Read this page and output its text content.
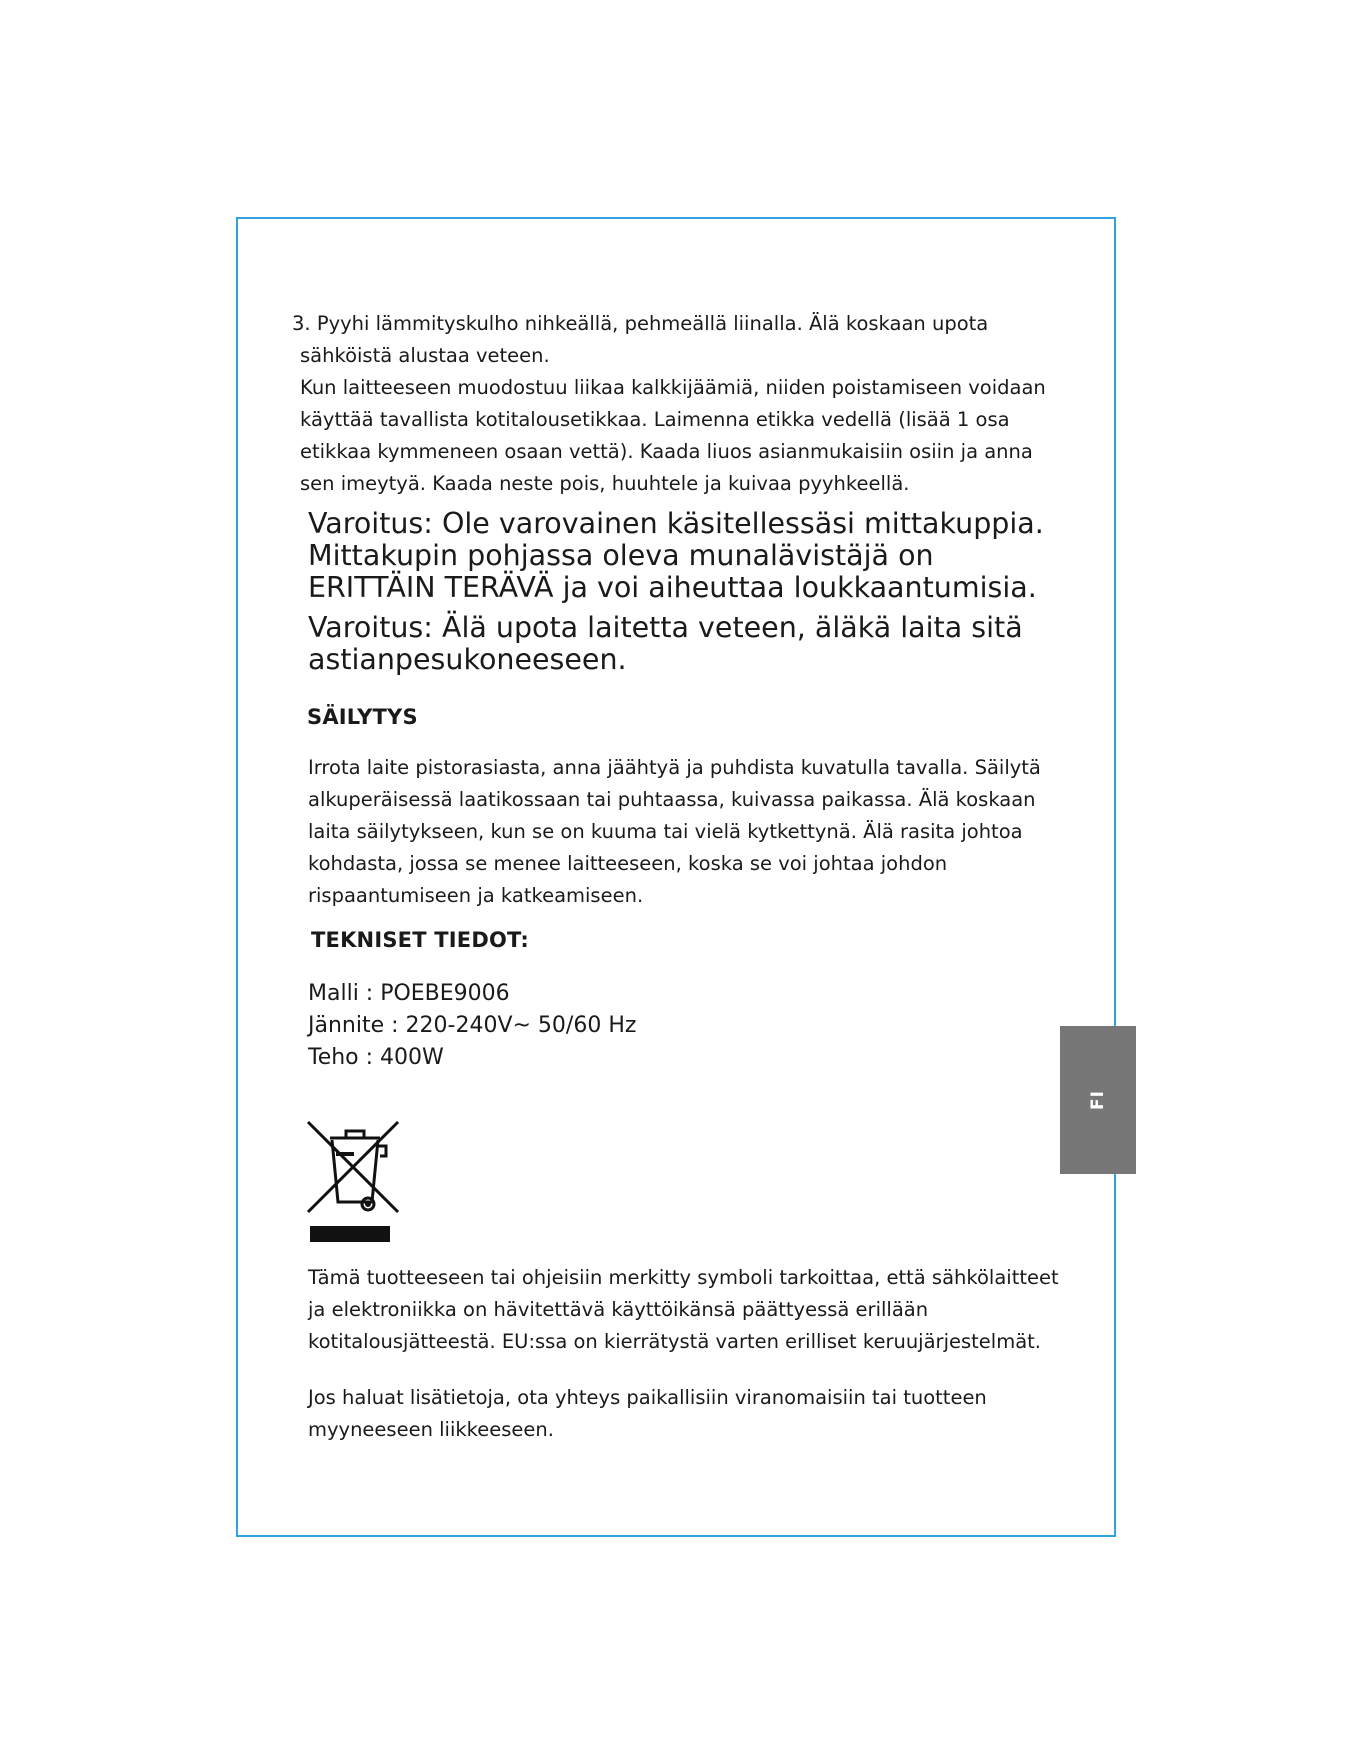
3. Pyyhi lämmityskulho nihkeällä, pehmeällä liinalla. Älä koskaan upota sähköistä alustaa veteen.

Kun laitteeseen muodostuu liikaa kalkkijäämiä, niiden poistamiseen voidaan käyttää tavallista kotitalousetikkaa. Laimenna etikka vedellä (lisää 1 osa etikkaa kymmeneen osaan vettä). Kaada liuos asianmukaisiin osiin ja anna sen imeytyä. Kaada neste pois, huuhtele ja kuivaa pyyhkeellä.

Varoitus: Ole varovainen käsitellessäsi mittakuppia. Mittakupin pohjassa oleva munalävistäjä on ERITTÄIN TERÄVÄ ja voi aiheuttaa loukkaantumisia.

Varoitus: Älä upota laitetta veteen, äläkä laita sitä astianpesukoneeseen.

SÄILYTYS

Irrota laite pistorasiasta, anna jäähtyä ja puhdista kuvatulla tavalla. Säilytä alkuperäisessä laatikossaan tai puhtaassa, kuivassa paikassa. Älä koskaan laita säilytykseen, kun se on kuuma tai vielä kytkettynä. Älä rasita johtoa kohdasta, jossa se menee laitteeseen, koska se voi johtaa johdon rispaantumiseen ja katkeamiseen.

TEKNISET TIEDOT:

Malli : POEBE9006

Jännite : 220-240V~ 50/60 Hz

Teho : 400W

Tämä tuotteeseen tai ohjeisiin merkitty symboli tarkoittaa, että sähkölaitteet ja elektroniikka on hävitettävä käyttöikänsä päättyessä erillään kotitalousjätteestä. EU:ssa on kierrätystä varten erilliset keruujärjestelmät.

Jos haluat lisätietoja, ota yhteys paikallisiin viranomaisiin tai tuotteen myyneeseen liikkeeseen.

FI
